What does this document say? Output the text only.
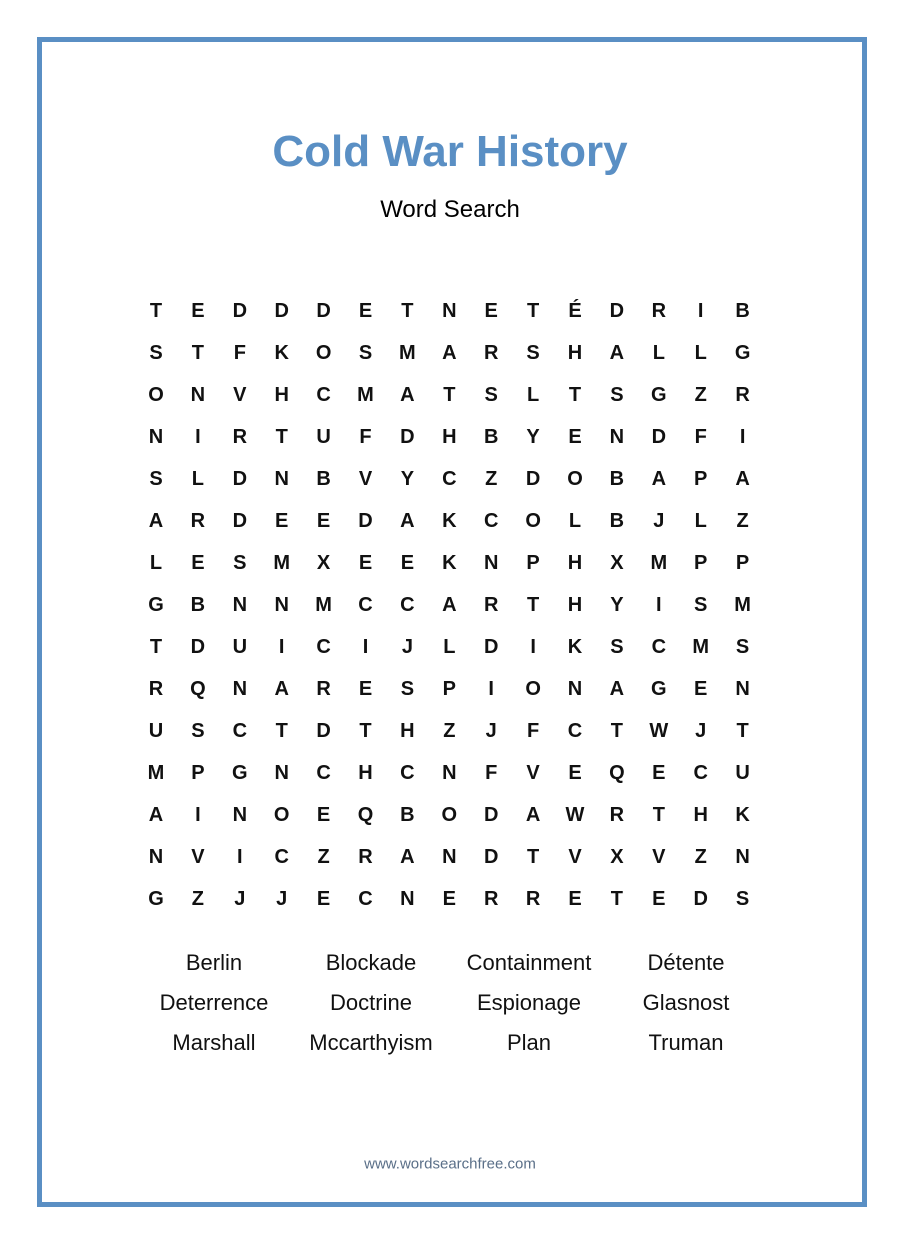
Cold War History
Word Search
T	E	D	D	D	E	T	N	E	T	É	D	R	I	B
S	T	F	K	O	S	M	A	R	S	H	A	L	L	G
O	N	V	H	C	M	A	T	S	L	T	S	G	Z	R
N	I	R	T	U	F	D	H	B	Y	E	N	D	F	I
S	L	D	N	B	V	Y	C	Z	D	O	B	A	P	A
A	R	D	E	E	D	A	K	C	O	L	B	J	L	Z
L	E	S	M	X	E	E	K	N	P	H	X	M	P	P
G	B	N	N	M	C	C	A	R	T	H	Y	I	S	M
T	D	U	I	C	I	J	L	D	I	K	S	C	M	S
R	Q	N	A	R	E	S	P	I	O	N	A	G	E	N
U	S	C	T	D	T	H	Z	J	F	C	T	W	J	T
M	P	G	N	C	H	C	N	F	V	E	Q	E	C	U
A	I	N	O	E	Q	B	O	D	A	W	R	T	H	K
N	V	I	C	Z	R	A	N	D	T	V	X	V	Z	N
G	Z	J	J	E	C	N	E	R	R	E	T	E	D	S
Berlin	Blockade	Containment	Détente
Deterrence	Doctrine	Espionage	Glasnost
Marshall	Mccarthyism	Plan	Truman
www.wordsearchfree.com
